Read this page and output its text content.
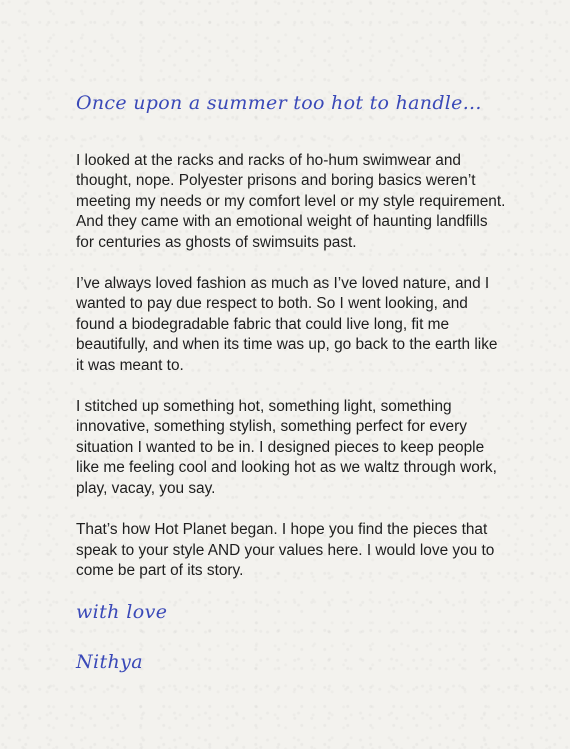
Once upon a summer too hot to handle...

I looked at the racks and racks of ho-hum swimwear and thought, nope. Polyester prisons and boring basics weren’t meeting my needs or my comfort level or my style requirement. And they came with an emotional weight of haunting landfills for centuries as ghosts of swimsuits past.

I’ve always loved fashion as much as I’ve loved nature, and I wanted to pay due respect to both. So I went looking, and found a biodegradable fabric that could live long, fit me beautifully, and when its time was up, go back to the earth like it was meant to.

I stitched up something hot, something light, something innovative, something stylish, something perfect for every situation I wanted to be in. I designed pieces to keep people like me feeling cool and looking hot as we waltz through work, play, vacay, you say.

That’s how Hot Planet began. I hope you find the pieces that speak to your style AND your values here. I would love you to come be part of its story.

with love
Nithya
